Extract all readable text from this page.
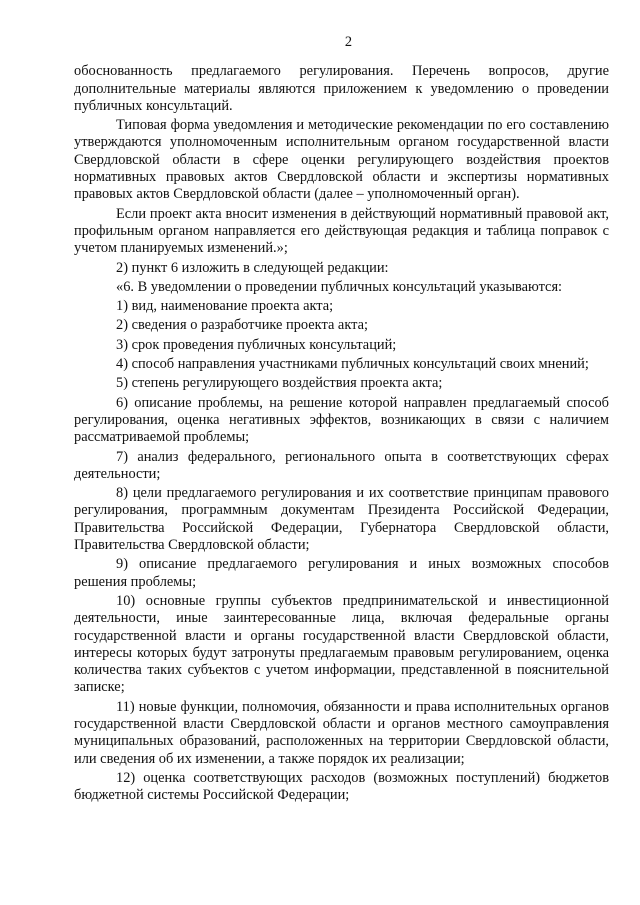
2

обоснованность предлагаемого регулирования. Перечень вопросов, другие дополнительные материалы являются приложением к уведомлению о проведении публичных консультаций.

Типовая форма уведомления и методические рекомендации по его составлению утверждаются уполномоченным исполнительным органом государственной власти Свердловской области в сфере оценки регулирующего воздействия проектов нормативных правовых актов Свердловской области и экспертизы нормативных правовых актов Свердловской области (далее – уполномоченный орган).

Если проект акта вносит изменения в действующий нормативный правовой акт, профильным органом направляется его действующая редакция и таблица поправок с учетом планируемых изменений.»;

2) пункт 6 изложить в следующей редакции:

«6. В уведомлении о проведении публичных консультаций указываются:

1) вид, наименование проекта акта;

2) сведения о разработчике проекта акта;

3) срок проведения публичных консультаций;

4) способ направления участниками публичных консультаций своих мнений;

5) степень регулирующего воздействия проекта акта;

6) описание проблемы, на решение которой направлен предлагаемый способ регулирования, оценка негативных эффектов, возникающих в связи с наличием рассматриваемой проблемы;

7) анализ федерального, регионального опыта в соответствующих сферах деятельности;

8) цели предлагаемого регулирования и их соответствие принципам правового регулирования, программным документам Президента Российской Федерации, Правительства Российской Федерации, Губернатора Свердловской области, Правительства Свердловской области;

9) описание предлагаемого регулирования и иных возможных способов решения проблемы;

10) основные группы субъектов предпринимательской и инвестиционной деятельности, иные заинтересованные лица, включая федеральные органы государственной власти и органы государственной власти Свердловской области, интересы которых будут затронуты предлагаемым правовым регулированием, оценка количества таких субъектов с учетом информации, представленной в пояснительной записке;

11) новые функции, полномочия, обязанности и права исполнительных органов государственной власти Свердловской области и органов местного самоуправления муниципальных образований, расположенных на территории Свердловской области, или сведения об их изменении, а также порядок их реализации;

12) оценка соответствующих расходов (возможных поступлений) бюджетов бюджетной системы Российской Федерации;
